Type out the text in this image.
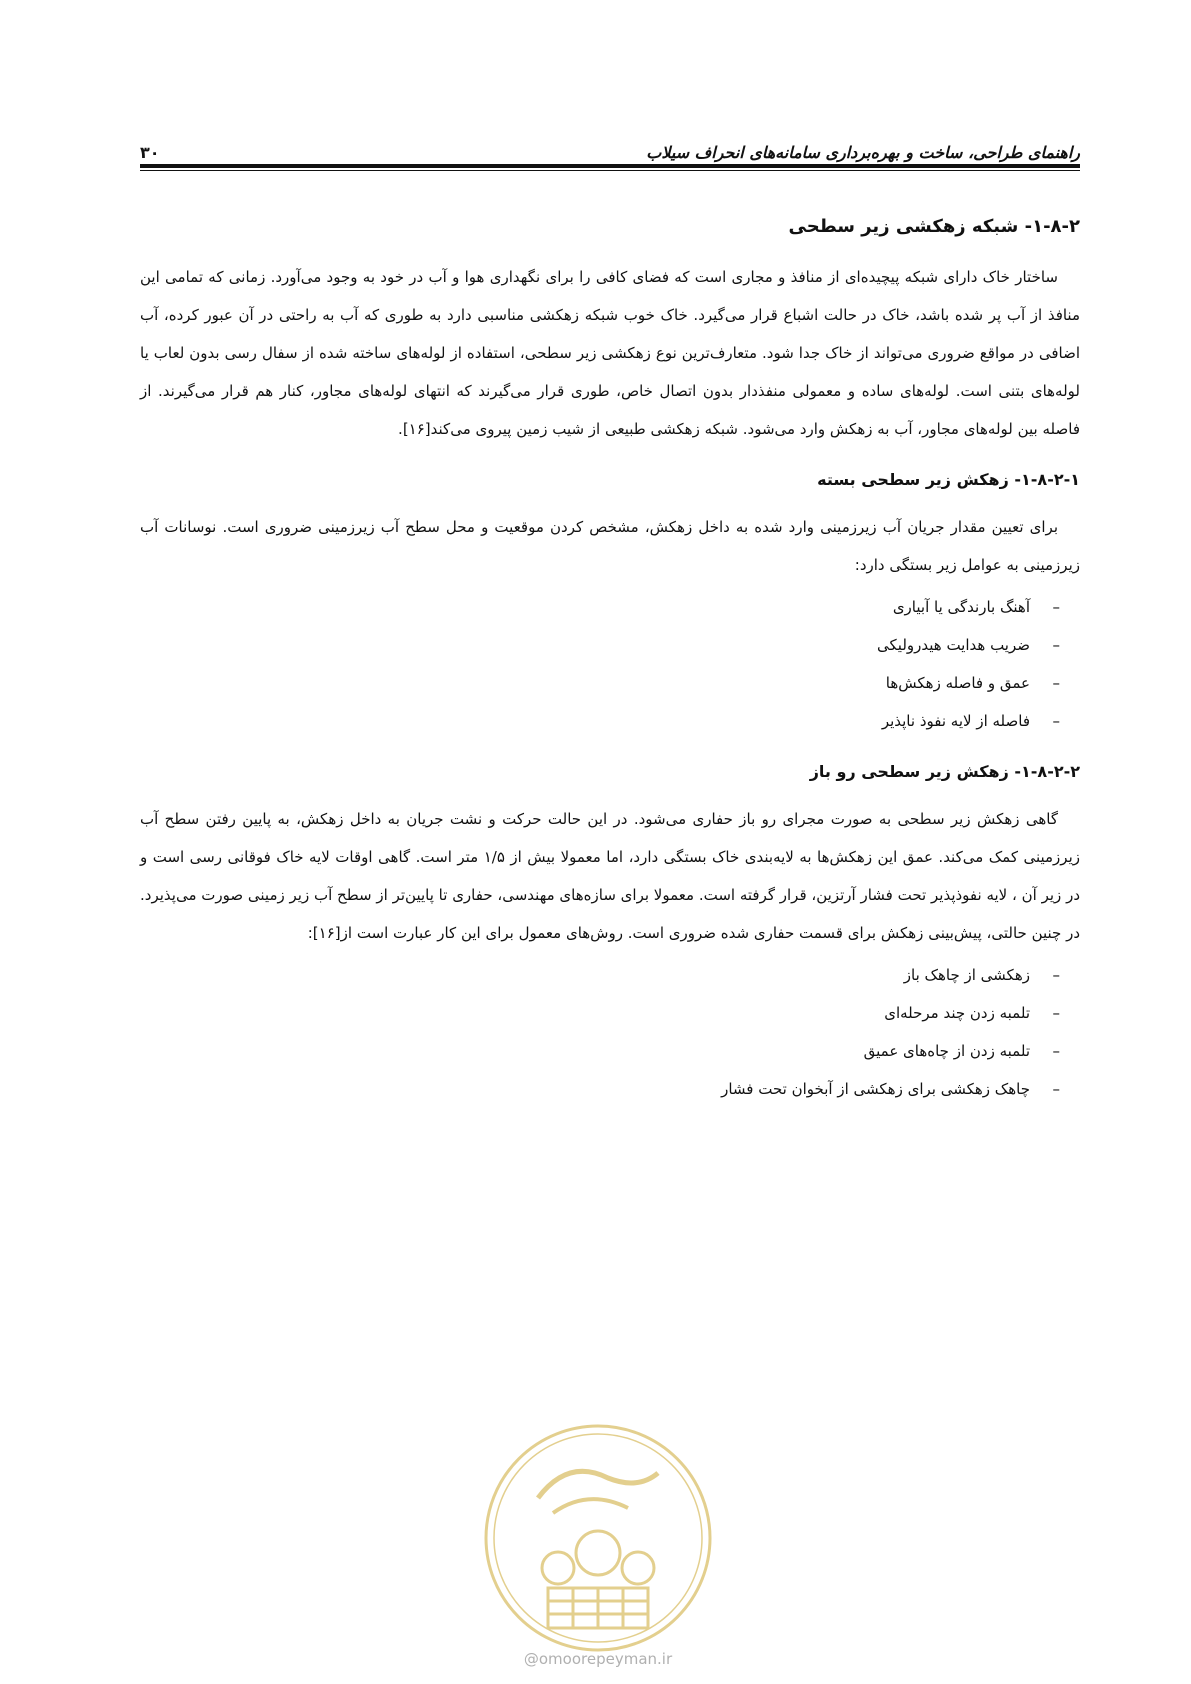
۳۰	راهنمای طراحی، ساخت و بهره‌برداری سامانه‌های انحراف سیلاب
۱-۸-۲- شبکه زهکشی زیر سطحی

ساختار خاک دارای شبکه پیچیده‌ای از منافذ و مجاری است که فضای کافی را برای نگهداری هوا و آب در خود به وجود می‌آورد. زمانی که تمامی این منافذ از آب پر شده باشد، خاک در حالت اشباع قرار می‌گیرد. خاک خوب شبکه زهکشی مناسبی دارد به طوری که آب به راحتی در آن عبور کرده، آب اضافی در مواقع ضروری می‌تواند از خاک جدا شود. متعارف‌ترین نوع زهکشی زیر سطحی، استفاده از لوله‌های ساخته شده از سفال رسی بدون لعاب یا لوله‌های بتنی است. لوله‌های ساده و معمولی منفذدار بدون اتصال خاص، طوری قرار می‌گیرند که انتهای لوله‌های مجاور، کنار هم قرار می‌گیرند. از فاصله بین لوله‌های مجاور، آب به زهکش وارد می‌شود. شبکه زهکشی طبیعی از شیب زمین پیروی می‌کند[۱۶].

۱-۸-۲-۱- زهکش زیر سطحی بسته

برای تعیین مقدار جریان آب زیرزمینی وارد شده به داخل زهکش، مشخص کردن موقعیت و محل سطح آب زیرزمینی ضروری است. نوسانات آب زیرزمینی به عوامل زیر بستگی دارد:

–
آهنگ بارندگی یا آبیاری
–
ضریب هدایت هیدرولیکی
–
عمق و فاصله زهکش‌ها
–
فاصله از لایه نفوذ ناپذیر
۱-۸-۲-۲- زهکش زیر سطحی رو باز

گاهی زهکش زیر سطحی به صورت مجرای رو باز حفاری می‌شود. در این حالت حرکت و نشت جریان به داخل زهکش، به پایین رفتن سطح آب زیرزمینی کمک می‌کند. عمق این زهکش‌ها به لایه‌بندی خاک بستگی دارد، اما معمولا بیش از ۱/۵ متر است. گاهی اوقات لایه خاک فوقانی رسی است و در زیر آن ، لایه نفوذپذیر تحت فشار آرتزین، قرار گرفته است. معمولا برای سازه‌های مهندسی، حفاری تا پایین‌تر از سطح آب زیر زمینی صورت می‌پذیرد. در چنین حالتی، پیش‌بینی زهکش برای قسمت حفاری شده ضروری است. روش‌های معمول برای این کار عبارت است از[۱۶]:

–
زهکشی از چاهک باز
–
تلمبه زدن چند مرحله‌ای
–
تلمبه زدن از چاه‌های عمیق
–
چاهک زهکشی برای زهکشی از آبخوان تحت فشار
@omoorepeyman.ir
